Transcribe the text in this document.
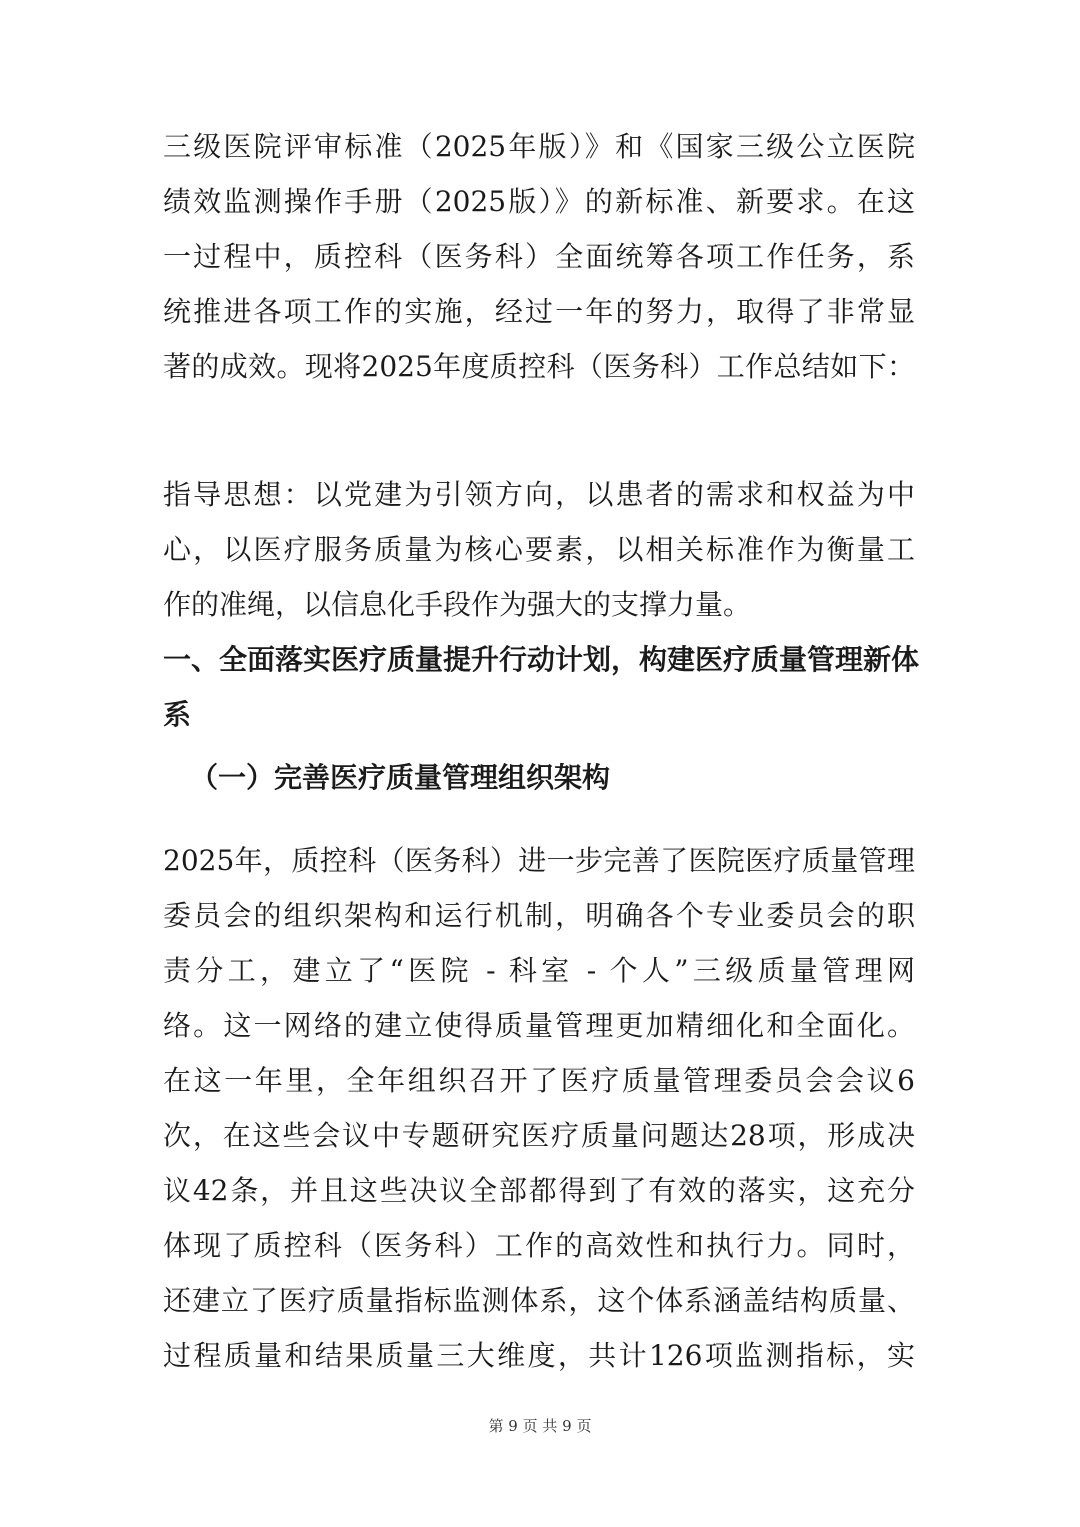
三级医院评审标准（2025年版）》和《国家三级公立医院
绩效监测操作手册（2025版）》的新标准、新要求。在这
一过程中，质控科（医务科）全面统筹各项工作任务，系
统推进各项工作的实施，经过一年的努力，取得了非常显
著的成效。现将2025年度质控科（医务科）工作总结如下：
指导思想：以党建为引领方向，以患者的需求和权益为中
心，以医疗服务质量为核心要素，以相关标准作为衡量工
作的准绳，以信息化手段作为强大的支撑力量。
一、全面落实医疗质量提升行动计划，构建医疗质量管理新体
系
（一）完善医疗质量管理组织架构
2025年，质控科（医务科）进一步完善了医院医疗质量管理
委员会的组织架构和运行机制，明确各个专业委员会的职
责分工，建立了“医院 - 科室 - 个人”三级质量管理网
络。这一网络的建立使得质量管理更加精细化和全面化。
在这一年里，全年组织召开了医疗质量管理委员会会议6
次，在这些会议中专题研究医疗质量问题达28项，形成决
议42条，并且这些决议全部都得到了有效的落实，这充分
体现了质控科（医务科）工作的高效性和执行力。同时，
还建立了医疗质量指标监测体系，这个体系涵盖结构质量、
过程质量和结果质量三大维度，共计126项监测指标，实
第 9 页 共 9 页
